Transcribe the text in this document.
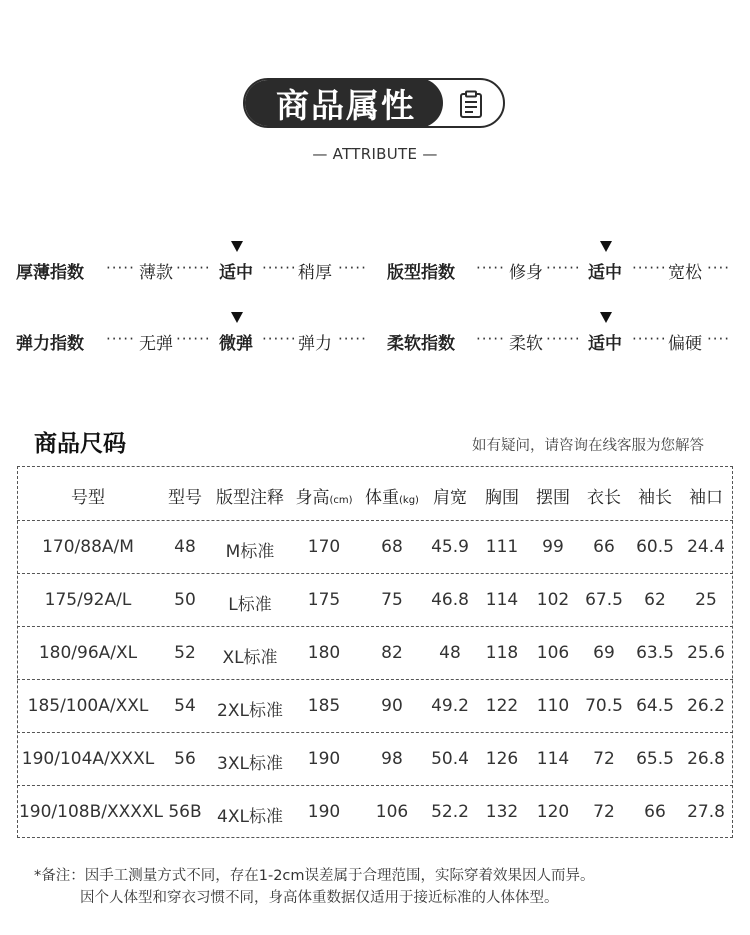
商品属性
— ATTRIBUTE —
厚薄指数 ····· 薄款 ······ 适中 ······ 稍厚 ····· 版型指数 ····· 修身 ······ 适中 ······ 宽松 ····
弹力指数 ····· 无弹 ······ 微弹 ······ 弹力 ····· 柔软指数 ····· 柔软 ······ 适中 ······ 偏硬 ····
商品尺码	如有疑问，请咨询在线客服为您解答
号型	型号 版型注释 身高(cm) 体重(kg) 肩宽 胸围 摆围 衣长 袖长 袖口
170/88A/M	48	M标准	170	68	45.9 111	99	66	60.5 24.4
175/92A/L	50	L标准	175	75	46.8 114	102 67.5	62	25
180/96A/XL	52	XL标准	180	82	48	118	106	69	63.5 25.6
185/100A/XXL	54	2XL标准	185	90	49.2 122	110 70.5 64.5 26.2
190/104A/XXXL	56	3XL标准	190	98	50.4 126	114	72	65.5 26.8
190/108B/XXXXL 56B 4XL标准	190	106	52.2 132	120	72	66	27.8
*备注：因手工测量方式不同，存在1-2cm误差属于合理范围，实际穿着效果因人而异。
因个人体型和穿衣习惯不同，身高体重数据仅适用于接近标准的人体体型。
